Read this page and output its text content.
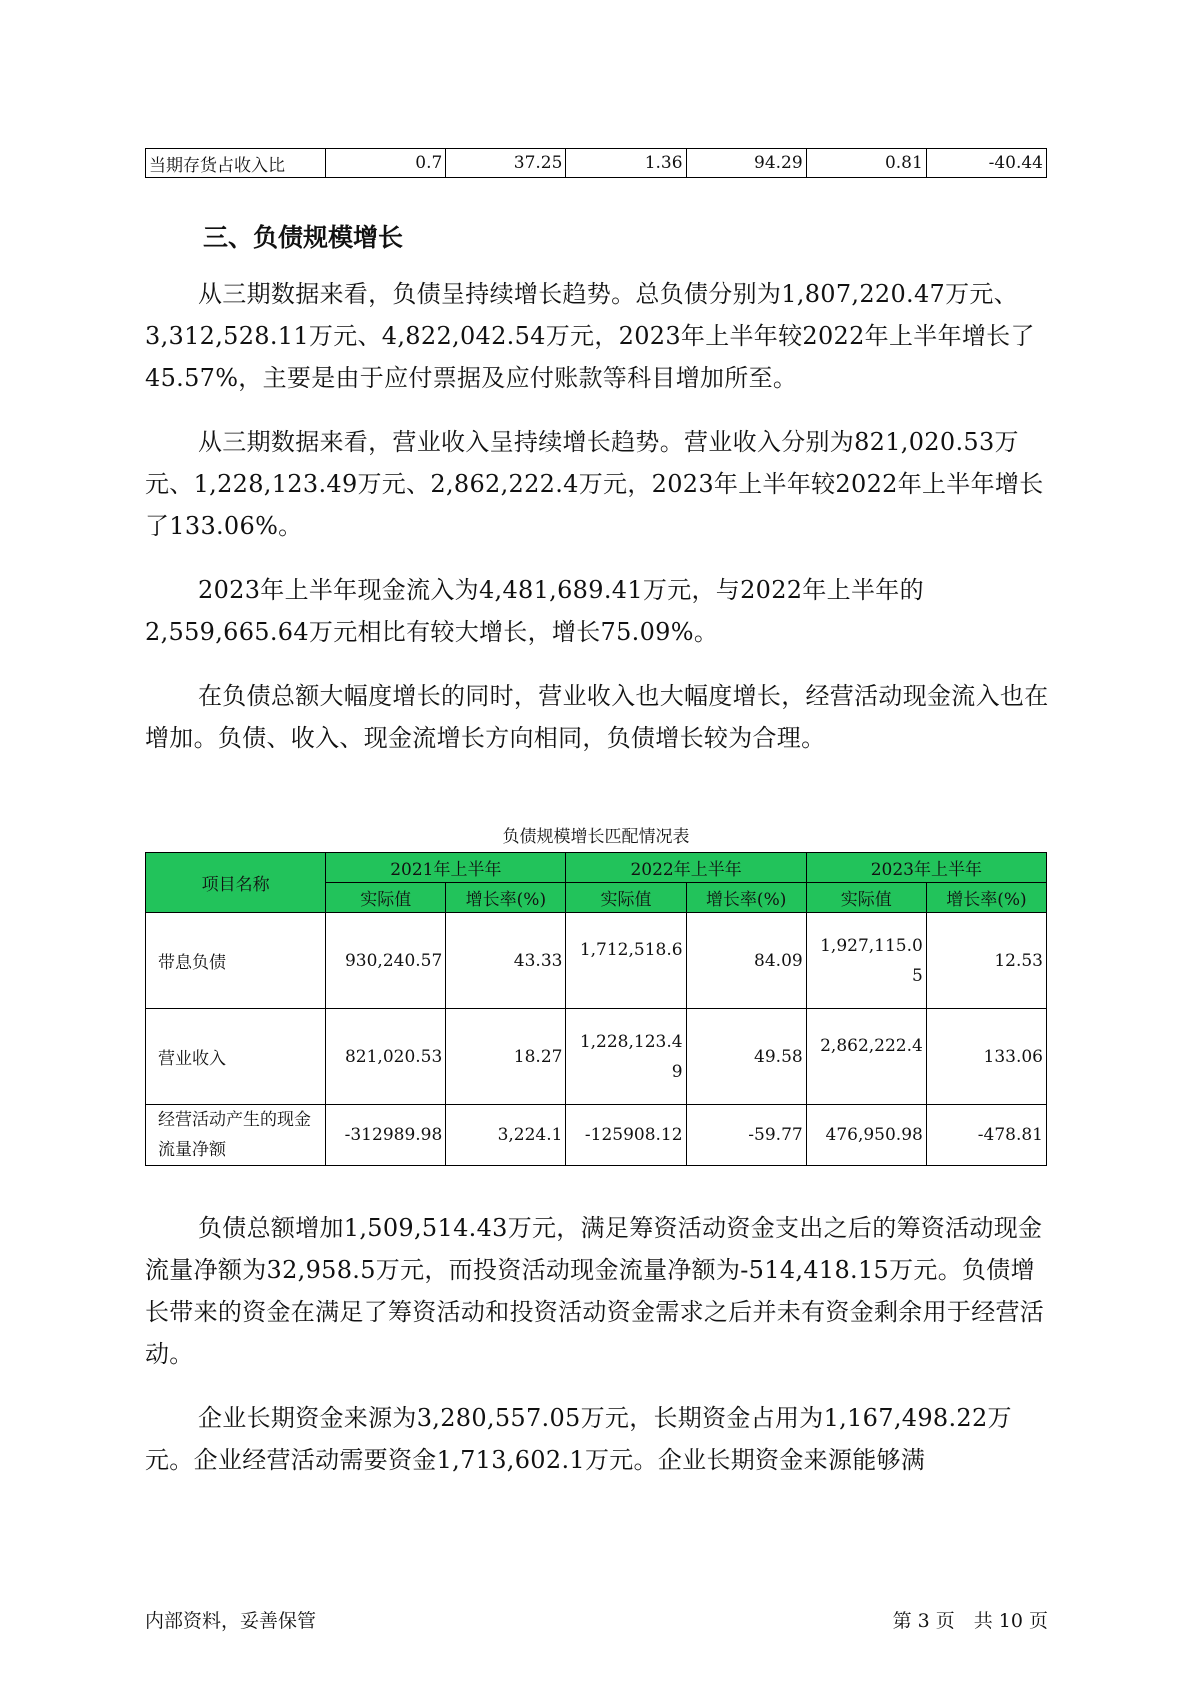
当期存货占收入比	0.7	37.25	1.36	94.29	0.81	-40.44
三、负债规模增长

从三期数据来看，负债呈持续增长趋势。总负债分别为1,807,220.47万元、3,312,528.11万元、4,822,042.54万元，2023年上半年较2022年上半年增长了45.57%，主要是由于应付票据及应付账款等科目增加所至。

从三期数据来看，营业收入呈持续增长趋势。营业收入分别为821,020.53万元、1,228,123.49万元、2,862,222.4万元，2023年上半年较2022年上半年增长了133.06%。

2023年上半年现金流入为4,481,689.41万元，与2022年上半年的2,559,665.64万元相比有较大增长，增长75.09%。

在负债总额大幅度增长的同时，营业收入也大幅度增长，经营活动现金流入也在增加。负债、收入、现金流增长方向相同，负债增长较为合理。

负债规模增长匹配情况表
项目名称	2021年上半年		2022年上半年		2023年上半年	
	实际值	增长率(%)	实际值	增长率(%)	实际值	增长率(%)
带息负债	930,240.57	43.33	1,712,518.6	84.09	1,927,115.05	12.53
营业收入	821,020.53	18.27	1,228,123.49	49.58	2,862,222.4	133.06
经营活动产生的现金流量净额	-312989.98	3,224.1	-125908.12	-59.77	476,950.98	-478.81

负债总额增加1,509,514.43万元，满足筹资活动资金支出之后的筹资活动现金流量净额为32,958.5万元，而投资活动现金流量净额为-514,418.15万元。负债增长带来的资金在满足了筹资活动和投资活动资金需求之后并未有资金剩余用于经营活动。

企业长期资金来源为3,280,557.05万元，长期资金占用为1,167,498.22万元。企业经营活动需要资金1,713,602.1万元。企业长期资金来源能够满

内部资料，妥善保管	第 3 页　共 10 页
